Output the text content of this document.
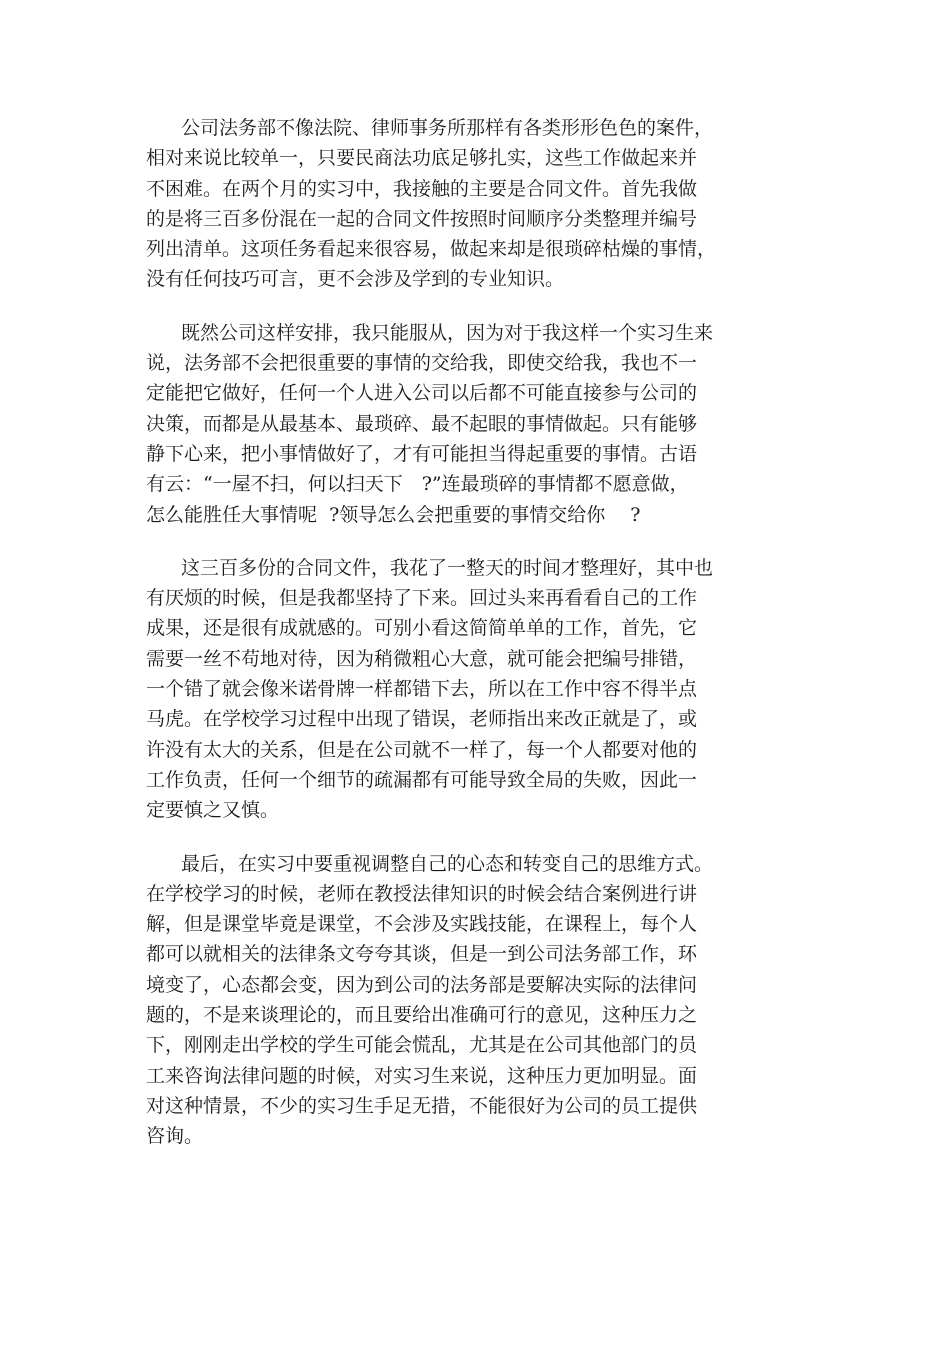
公司法务部不像法院、律师事务所那样有各类形形色色的案件，
相对来说比较单一，只要民商法功底足够扎实，这些工作做起来并
不困难。在两个月的实习中，我接触的主要是合同文件。首先我做
的是将三百多份混在一起的合同文件按照时间顺序分类整理并编号
列出清单。这项任务看起来很容易，做起来却是很琐碎枯燥的事情，
没有任何技巧可言，更不会涉及学到的专业知识。

既然公司这样安排，我只能服从，因为对于我这样一个实习生来
说，法务部不会把很重要的事情的交给我，即使交给我，我也不一
定能把它做好，任何一个人进入公司以后都不可能直接参与公司的
决策，而都是从最基本、最琐碎、最不起眼的事情做起。只有能够
静下心来，把小事情做好了，才有可能担当得起重要的事情。古语
有云：“一屋不扫，何以扫天下　?”连最琐碎的事情都不愿意做，
怎么能胜任大事情呢  ?领导怎么会把重要的事情交给你　 ?

这三百多份的合同文件，我花了一整天的时间才整理好，其中也
有厌烦的时候，但是我都坚持了下来。回过头来再看看自己的工作
成果，还是很有成就感的。可别小看这简简单单的工作，首先，它
需要一丝不苟地对待，因为稍微粗心大意，就可能会把编号排错，
一个错了就会像米诺骨牌一样都错下去，所以在工作中容不得半点
马虎。在学校学习过程中出现了错误，老师指出来改正就是了，或
许没有太大的关系，但是在公司就不一样了，每一个人都要对他的
工作负责，任何一个细节的疏漏都有可能导致全局的失败，因此一
定要慎之又慎。

最后，在实习中要重视调整自己的心态和转变自己的思维方式。
在学校学习的时候，老师在教授法律知识的时候会结合案例进行讲
解，但是课堂毕竟是课堂，不会涉及实践技能，在课程上，每个人
都可以就相关的法律条文夸夸其谈，但是一到公司法务部工作，环
境变了，心态都会变，因为到公司的法务部是要解决实际的法律问
题的，不是来谈理论的，而且要给出准确可行的意见，这种压力之
下，刚刚走出学校的学生可能会慌乱，尤其是在公司其他部门的员
工来咨询法律问题的时候，对实习生来说，这种压力更加明显。面
对这种情景，不少的实习生手足无措，不能很好为公司的员工提供
咨询。
